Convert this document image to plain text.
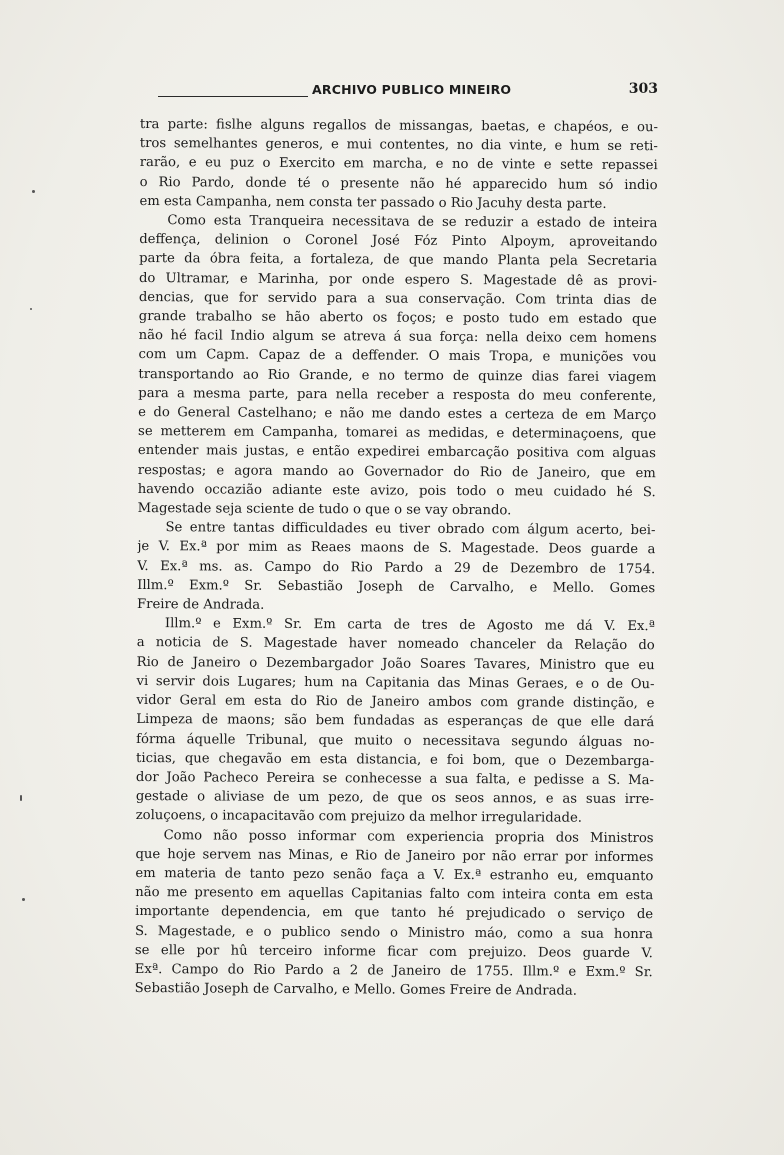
ARCHIVO PUBLICO MINEIRO	303

tra parte: fislhe alguns regallos de missangas, baetas, e chapéos, e ou-
tros semelhantes generos, e mui contentes, no dia vinte, e hum se reti-
rarão, e eu puz o Exercito em marcha, e no de vinte e sette repassei
o Rio Pardo, donde té o presente não hé apparecido hum só indio
em esta Campanha, nem consta ter passado o Rio Jacuhy desta parte.

Como esta Tranqueira necessitava de se reduzir a estado de inteira
deffença, delinion o Coronel José Fóz Pinto Alpoym, aproveitando
parte da óbra feita, a fortaleza, de que mando Planta pela Secretaria
do Ultramar, e Marinha, por onde espero S. Magestade dê as provi-
dencias, que for servido para a sua conservação. Com trinta dias de
grande trabalho se hão aberto os foços; e posto tudo em estado que
não hé facil Indio algum se atreva á sua força: nella deixo cem homens
com um Capm. Capaz de a deffender. O mais Tropa, e munições vou
transportando ao Rio Grande, e no termo de quinze dias farei viagem
para a mesma parte, para nella receber a resposta do meu conferente,
e do General Castelhano; e não me dando estes a certeza de em Março
se metterem em Campanha, tomarei as medidas, e determinaçoens, que
entender mais justas, e então expedirei embarcação positiva com alguas
respostas; e agora mando ao Governador do Rio de Janeiro, que em
havendo occazião adiante este avizo, pois todo o meu cuidado hé S.
Magestade seja sciente de tudo o que o se vay obrando.

Se entre tantas difficuldades eu tiver obrado com álgum acerto, bei-
je V. Ex.ª por mim as Reaes maons de S. Magestade. Deos guarde a
V. Ex.ª ms. as. Campo do Rio Pardo a 29 de Dezembro de 1754.
Illm.º Exm.º Sr. Sebastião Joseph de Carvalho, e Mello. Gomes
Freire de Andrada.

Illm.º e Exm.º Sr. Em carta de tres de Agosto me dá V. Ex.ª
a noticia de S. Magestade haver nomeado chanceler da Relação do
Rio de Janeiro o Dezembargador João Soares Tavares, Ministro que eu
vi servir dois Lugares; hum na Capitania das Minas Geraes, e o de Ou-
vidor Geral em esta do Rio de Janeiro ambos com grande distinção, e
Limpeza de maons; são bem fundadas as esperanças de que elle dará
fórma áquelle Tribunal, que muito o necessitava segundo álguas no-
ticias, que chegavão em esta distancia, e foi bom, que o Dezembarga-
dor João Pacheco Pereira se conhecesse a sua falta, e pedisse a S. Ma-
gestade o aliviase de um pezo, de que os seos annos, e as suas irre-
zoluçoens, o incapacitavão com prejuizo da melhor irregularidade.

Como não posso informar com experiencia propria dos Ministros
que hoje servem nas Minas, e Rio de Janeiro por não errar por informes
em materia de tanto pezo senão faça a V. Ex.ª estranho eu, emquanto
não me presento em aquellas Capitanias falto com inteira conta em esta
importante dependencia, em que tanto hé prejudicado o serviço de
S. Magestade, e o publico sendo o Ministro máo, como a sua honra
se elle por hû terceiro informe ficar com prejuizo. Deos guarde V.
Exª. Campo do Rio Pardo a 2 de Janeiro de 1755. Illm.º e Exm.º Sr.
Sebastião Joseph de Carvalho, e Mello. Gomes Freire de Andrada.
